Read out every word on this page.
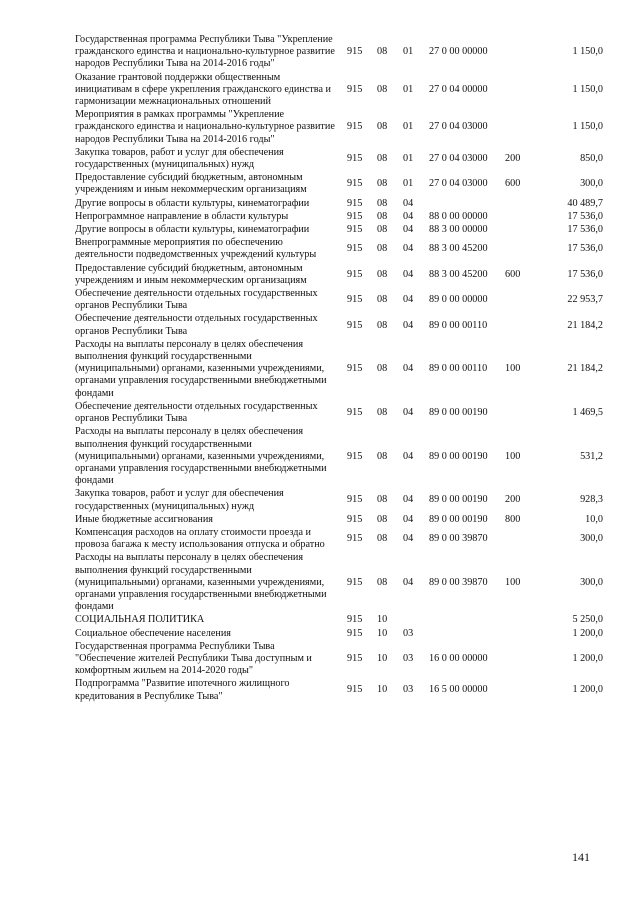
Государственная программа Республики Тыва "Укрепление гражданского единства и национально-культурное развитие народов Республики Тыва на 2014-2016 годы"	915	08	01	27 0 00 00000		1 150,0
Оказание грантовой поддержки общественным инициативам в сфере укрепления гражданского единства и гармонизации межнациональных отношений	915	08	01	27 0 04 00000		1 150,0
Мероприятия в рамках программы "Укрепление гражданского единства и национально-культурное развитие народов Республики Тыва на 2014-2016 годы"	915	08	01	27 0 04 03000		1 150,0
Закупка товаров, работ и услуг для обеспечения государственных (муниципальных) нужд	915	08	01	27 0 04 03000	200	850,0
Предоставление субсидий бюджетным, автономным учреждениям и иным некоммерческим организациям	915	08	01	27 0 04 03000	600	300,0
Другие вопросы в области культуры, кинематографии	915	08	04			40 489,7
Непрограммное направление в области культуры	915	08	04	88 0 00 00000		17 536,0
Другие вопросы в области культуры, кинематографии	915	08	04	88 3 00 00000		17 536,0
Внепрограммные мероприятия по обеспечению деятельности подведомственных учреждений культуры	915	08	04	88 3 00 45200		17 536,0
Предоставление субсидий бюджетным, автономным учреждениям и иным некоммерческим организациям	915	08	04	88 3 00 45200	600	17 536,0
Обеспечение деятельности отдельных государственных органов Республики Тыва	915	08	04	89 0 00 00000		22 953,7
Обеспечение деятельности отдельных государственных органов Республики Тыва	915	08	04	89 0 00 00110		21 184,2
Расходы на выплаты персоналу в целях обеспечения выполнения функций государственными (муниципальными) органами, казенными учреждениями, органами управления государственными внебюджетными фондами	915	08	04	89 0 00 00110	100	21 184,2
Обеспечение деятельности отдельных государственных органов Республики Тыва	915	08	04	89 0 00 00190		1 469,5
Расходы на выплаты персоналу в целях обеспечения выполнения функций государственными (муниципальными) органами, казенными учреждениями, органами управления государственными внебюджетными фондами	915	08	04	89 0 00 00190	100	531,2
Закупка товаров, работ и услуг для обеспечения государственных (муниципальных) нужд	915	08	04	89 0 00 00190	200	928,3
Иные бюджетные ассигнования	915	08	04	89 0 00 00190	800	10,0
Компенсация расходов на оплату стоимости проезда и провоза багажа к месту использования отпуска и обратно	915	08	04	89 0 00 39870		300,0
Расходы на выплаты персоналу в целях обеспечения выполнения функций государственными (муниципальными) органами, казенными учреждениями, органами управления государственными внебюджетными фондами	915	08	04	89 0 00 39870	100	300,0
СОЦИАЛЬНАЯ ПОЛИТИКА	915	10				5 250,0
Социальное обеспечение населения	915	10	03			1 200,0
Государственная программа Республики Тыва "Обеспечение жителей Республики Тыва доступным и комфортным жильем на 2014-2020 годы"	915	10	03	16 0 00 00000		1 200,0
Подпрограмма "Развитие ипотечного жилищного кредитования в Республике Тыва"	915	10	03	16 5 00 00000		1 200,0
141
